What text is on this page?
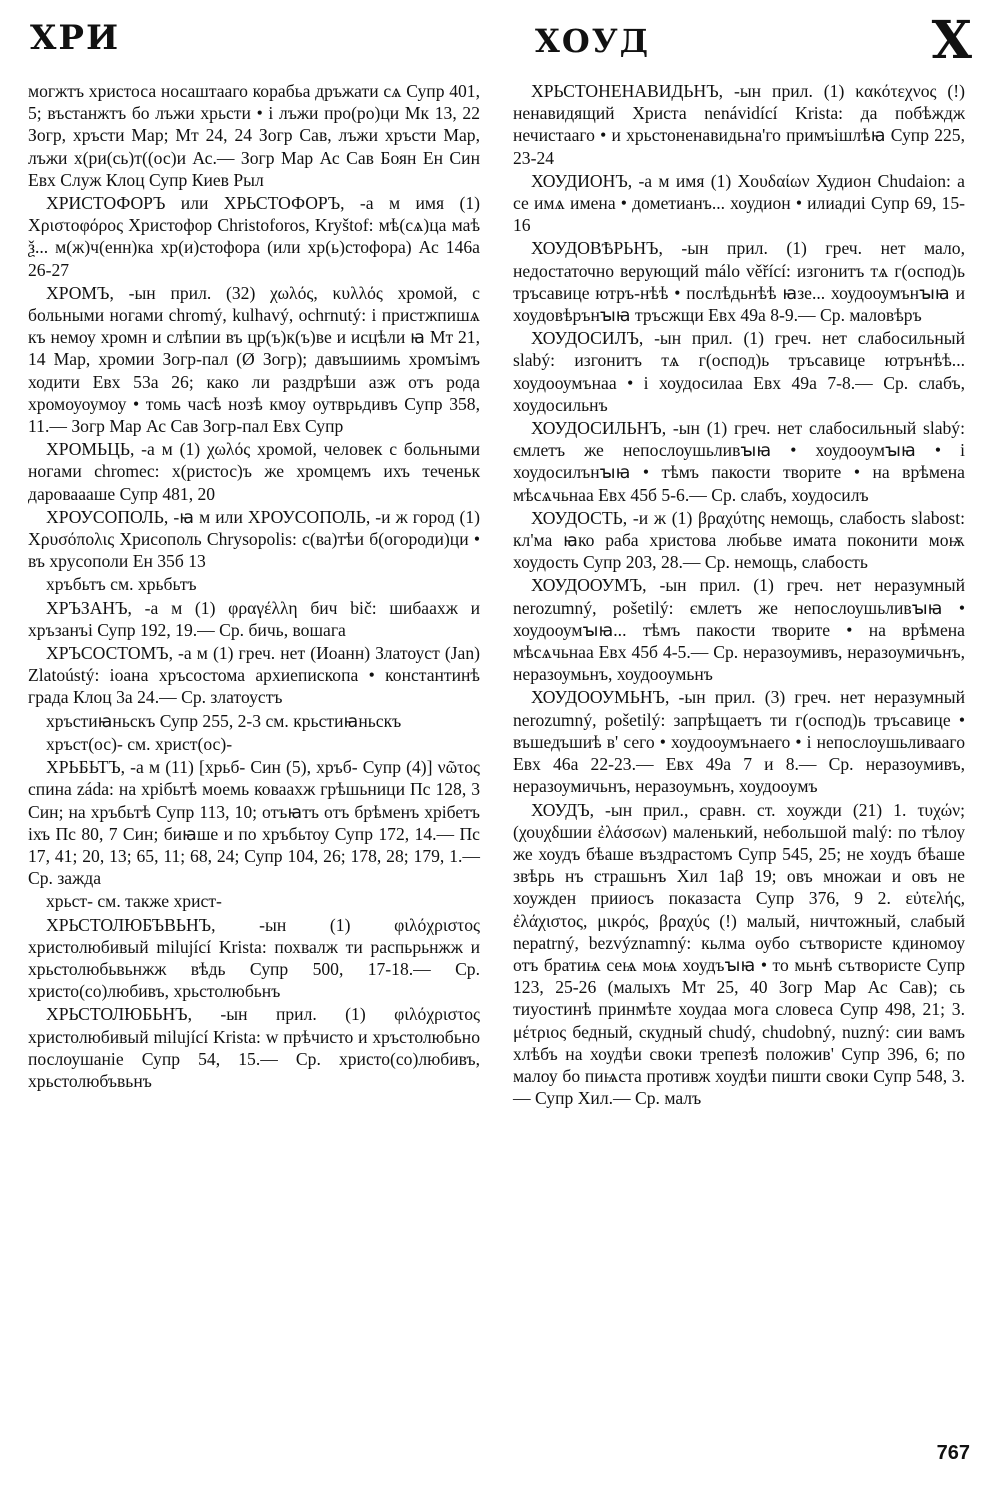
ХРИ	ХОУД	Х

могжтъ христоса носаштааго корабьа дръжати сѧ Супр 401, 5; въстанжтъ бо лъжи хрьсти • і лъжи про(ро)ци Мк 13, 22 Зогр, хръсти Мар; Мт 24, 24 Зогр Сав, лъжи хръсти Мар, лъжи х(ри(сь)т((ос)и Ас.— Зогр Мар Ас Сав Боян Ен Син Евх Служ Клоц Супр Киев Рыл

ХРИСТОФОРЪ или ХРЬСТОФОРЪ, -а м имя (1) Χριστοφόρος Христофор Christoforos, Kryštof: мѣ(сѧ)ца маѣ ѯ... м(ж)ч(енн)ка хр(и)стофора (или хр(ь)стофора) Ас 146а 26-27

ХРОМЪ, -ын прил. (32) χωλός, κυλλός хромой, с больными ногами chromý, kulhavý, ochrnutý: і пристжпишѧ къ немоу хромн и слѣпии въ цр(ъ)к(ъ)ве и исцѣли ꙗ Мт 21, 14 Мар, хромии Зогр-пал (Ø Зогр); давъшиимь хромъімъ ходити Евх 53а 26; како ли раздрѣши азж отъ рода хромоуоумоу • томь часѣ нозѣ кмоу оутврьдивъ Супр 358, 11.— Зогр Мар Ас Сав Зогр-пал Евх Супр

ХРОМЬЦЬ, -а м (1) χωλός хромой, человек с больными ногами chromec: х(ристос)ъ же хромцемъ ихъ теченьк дароваааше Супр 481, 20

ХРОУСОПОЛЬ, -ꙗ м или ХРОУСОПОЛЬ, -и ж город (1) Χρυσόπολις Хрисополь Chrysopolis: с(ва)тѣи б(огороди)ци • въ хрусополи Ен 35б 13

хръбьтъ см. хрьбьтъ

ХРЪЗАНЪ, -а м (1) φραγέλλη бич bič: шибаахж и хръзанъі Супр 192, 19.— Ср. бичь, вошага

ХРЪСОСТОМЪ, -а м (1) греч. нет (Иоанн) Златоуст (Jan) Zlatoústý: іоана хръсостома архиепископа • константинѣ града Клоц 3а 24.— Ср. златоустъ

хръстиꙗньскъ Супр 255, 2-3 см. крьстиꙗньскъ

хръст(ос)- см. христ(ос)-

ХРЬБЬТЪ, -а м (11) [хрьб- Син (5), хръб- Супр (4)] νῶτος спина záda: на хрібьтѣ моемь коваахж грѣшьници Пс 128, 3 Син; на хръбьтѣ Супр 113, 10; отъꙗтъ отъ брѣменъ хрібетъ іхъ Пс 80, 7 Син; биꙗше и по хръбьтоу Супр 172, 14.— Пс 17, 41; 20, 13; 65, 11; 68, 24; Супр 104, 26; 178, 28; 179, 1.— Ср. зажда

хрьст- см. также христ-

ХРЬСТОЛЮБЪВЬНЪ, -ын (1) φιλόχριστος христолюбивый milující Krista: похвалж ти распьрьнжж и хрьстолюбьвьнжж вѣдь Супр 500, 17-18.— Ср. христо(со)любивъ, хрьстолюбьнъ

ХРЬСТОЛЮБЬНЪ, -ын прил. (1) φιλόχριστος христолюбивый milující Krista: w прѣчисто и хръстолюбьно послоушанiе Супр 54, 15.— Ср. христо(со)любивъ, хрьстолюбъвьнъ

ХРЬСТОНЕНАВИДЬНЪ, -ын прил. (1) κακότεχνος (!) ненавидящий Христа nenávidící Krista: да побѣждж нечистааго • и хрьстоненавидьна'го примъішлѣꙗ Супр 225, 23-24

ХОУДИОНЪ, -а м имя (1) Χουδαίων Худион Chudaion: а се имѧ имена • дометианъ... хоудион • илиадиі Супр 69, 15-16

ХОУДОВѢРЬНЪ, -ын прил. (1) греч. нет мало, недостаточно верующий málo věřící: изгонитъ тѧ г(оспод)ь тръсавице ютръ-нѣѣ • послѣдьнѣѣ ꙗзе... хоудооумънꙑꙗ и хоудовѣрънꙑꙗ тръсжщи Евх 49а 8-9.— Ср. маловѣръ

ХОУДОСИЛЪ, -ын прил. (1) греч. нет слабосильный slabý: изгонитъ тѧ г(оспод)ь тръсавице ютрънѣѣ... хоудооумънаа • і хоудосилаа Евх 49а 7-8.— Ср. слабъ, хоудосильнъ

ХОУДОСИЛЬНЪ, -ын (1) греч. нет слабосильный slabý: ємлетъ же непослоушьливꙑꙗ • хоудооумꙑꙗ • і хоудосилънꙑꙗ • тѣмъ пакости творите • на врѣмена мѣсѧчьнаа Евх 45б 5-6.— Ср. слабъ, хоудосилъ

ХОУДОСТЬ, -и ж (1) βραχύτης немощь, слабость slabost: кл'ма ꙗко раба христова любьве имата поконити моѭ хоудость Супр 203, 28.— Ср. немощь, слабость

ХОУДООУМЪ, -ын прил. (1) греч. нет неразумный nerozumný, pošetilý: ємлетъ же непослоушьливꙑꙗ • хоудооумꙑꙗ... тѣмъ пакости творите • на врѣмена мѣсѧчьнаа Евх 45б 4-5.— Ср. неразоумивъ, неразоумичьнъ, неразоумьнъ, хоудооумьнъ

ХОУДООУМЬНЪ, -ын прил. (3) греч. нет неразумный nerozumný, pošetilý: запрѣщаетъ ти г(оспод)ь тръсавице • въшедъшиѣ в' сего • хоудооумънаего • і непослоушьливааго Евх 46а 22-23.— Евх 49а 7 и 8.— Ср. неразоумивъ, неразоумичьнъ, неразоумьнъ, хоудооумъ

ХОУДЪ, -ын прил., сравн. ст. хоужди (21) 1. τυχών; (χουχδшии ἐλάσσων) маленький, небольшой malý: по тѣлоу же хоудъ бѣаше въздрастомъ Супр 545, 25; не хоудъ бѣаше звѣрь нъ страшьнъ Хил 1аβ 19; овъ множаи и овъ не хоужден прииосъ показаста Супр 376, 9 2. εὐτελής, ἐλάχιστος, μικρός, βραχύς (!) малый, ничтожный, слабый nepatrný, bezvýznamný: кьлма оубо сътвористе кдиномоу отъ братиѩ сеѩ моѩ хоудъꙑꙗ • то мьнѣ сътвористе Супр 123, 25-26 (малыхъ Мт 25, 40 Зогр Мар Ас Сав); сь тиуостинѣ принмѣте хоудаа мога словеса Супр 498, 21; 3. μέτριος бедный, скудный chudý, chudobný, nuzný: сии вамъ хлѣбъ на хоудѣи своки трепезѣ положив' Супр 396, 6; по малоу бо пиѩста противж хоудѣи пишти своки Супр 548, 3.— Супр Хил.— Ср. малъ

767
